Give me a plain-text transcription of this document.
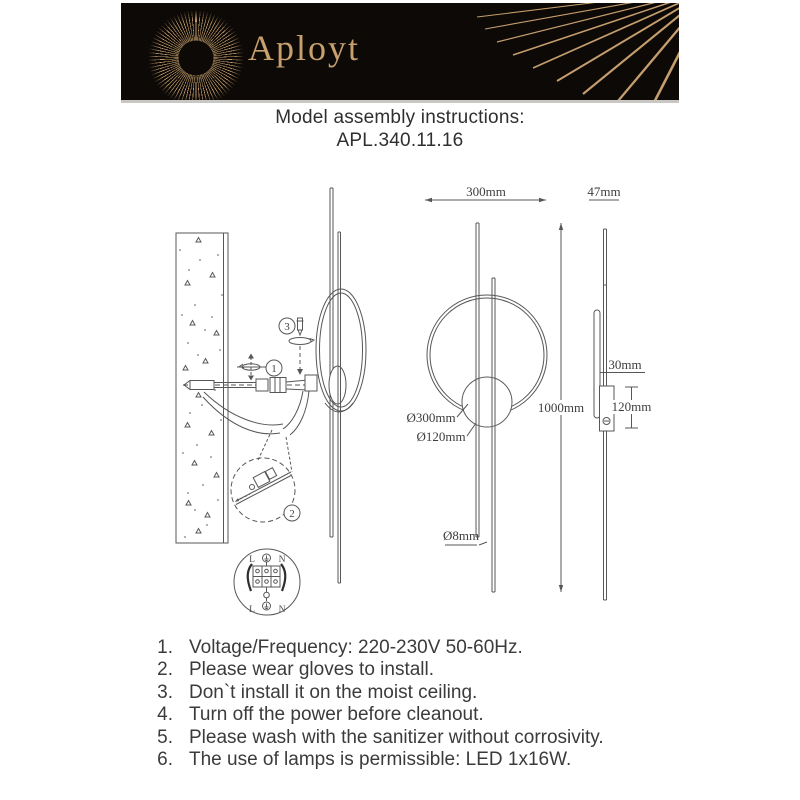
Aployt
Model assembly instructions:
APL.340.11.16
3
1
2
L N
L N
300mm
1000mm
Ø300mm
Ø120mm
Ø8mm
47mm
30mm
120mm
1. Voltage/Frequency: 220-230V 50-60Hz.
2. Please wear gloves to install.
3. Don`t install it on the moist ceiling.
4. Turn off the power before cleanout.
5. Please wash with the sanitizer without corrosivity.
6. The use of lamps is permissible: LED 1x16W.
